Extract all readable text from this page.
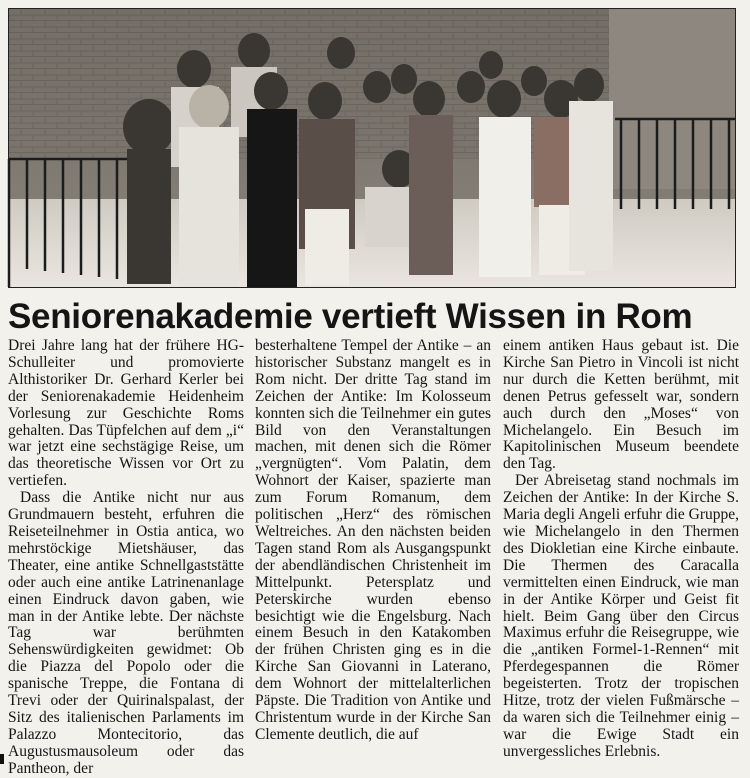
Seniorenakademie vertieft Wissen in Rom

Drei Jahre lang hat der frühere HG-Schulleiter und promovierte Althistoriker Dr. Gerhard Kerler bei der Seniorenakademie Heidenheim Vorlesung zur Geschichte Roms gehalten. Das Tüpfelchen auf dem „i“ war jetzt eine sechstägige Reise, um das theoretische Wissen vor Ort zu vertiefen.

Dass die Antike nicht nur aus Grundmauern besteht, erfuhren die Reiseteilnehmer in Ostia antica, wo mehrstöckige Mietshäuser, das Theater, eine antike Schnellgaststätte oder auch eine antike Latrinenanlage einen Eindruck davon gaben, wie man in der Antike lebte. Der nächste Tag war berühmten Sehenswürdigkeiten gewidmet: Ob die Piazza del Popolo oder die spanische Treppe, die Fontana di Trevi oder der Quirinalspalast, der Sitz des italienischen Parlaments im Palazzo Montecitorio, das Augustusmausoleum oder das Pantheon, der

besterhaltene Tempel der Antike – an historischer Substanz mangelt es in Rom nicht. Der dritte Tag stand im Zeichen der Antike: Im Kolosseum konnten sich die Teilnehmer ein gutes Bild von den Veranstaltungen machen, mit denen sich die Römer „vergnügten“. Vom Palatin, dem Wohnort der Kaiser, spazierte man zum Forum Romanum, dem politischen „Herz“ des römischen Weltreiches. An den nächsten beiden Tagen stand Rom als Ausgangspunkt der abendländischen Christenheit im Mittelpunkt. Petersplatz und Peterskirche wurden ebenso besichtigt wie die Engelsburg. Nach einem Besuch in den Katakomben der frühen Christen ging es in die Kirche San Giovanni in Laterano, dem Wohnort der mittelalterlichen Päpste. Die Tradition von Antike und Christentum wurde in der Kirche San Clemente deutlich, die auf

einem antiken Haus gebaut ist. Die Kirche San Pietro in Vincoli ist nicht nur durch die Ketten berühmt, mit denen Petrus gefesselt war, sondern auch durch den „Moses“ von Michelangelo. Ein Besuch im Kapitolinischen Museum beendete den Tag.

Der Abreisetag stand nochmals im Zeichen der Antike: In der Kirche S. Maria degli Angeli erfuhr die Gruppe, wie Michelangelo in den Thermen des Diokletian eine Kirche einbaute. Die Thermen des Caracalla vermittelten einen Eindruck, wie man in der Antike Körper und Geist fit hielt. Beim Gang über den Circus Maximus erfuhr die Reisegruppe, wie die „antiken Formel-1-Rennen“ mit Pferdegespannen die Römer begeisterten. Trotz der tropischen Hitze, trotz der vielen Fußmärsche – da waren sich die Teilnehmer einig – war die Ewige Stadt ein unvergessliches Erlebnis.
